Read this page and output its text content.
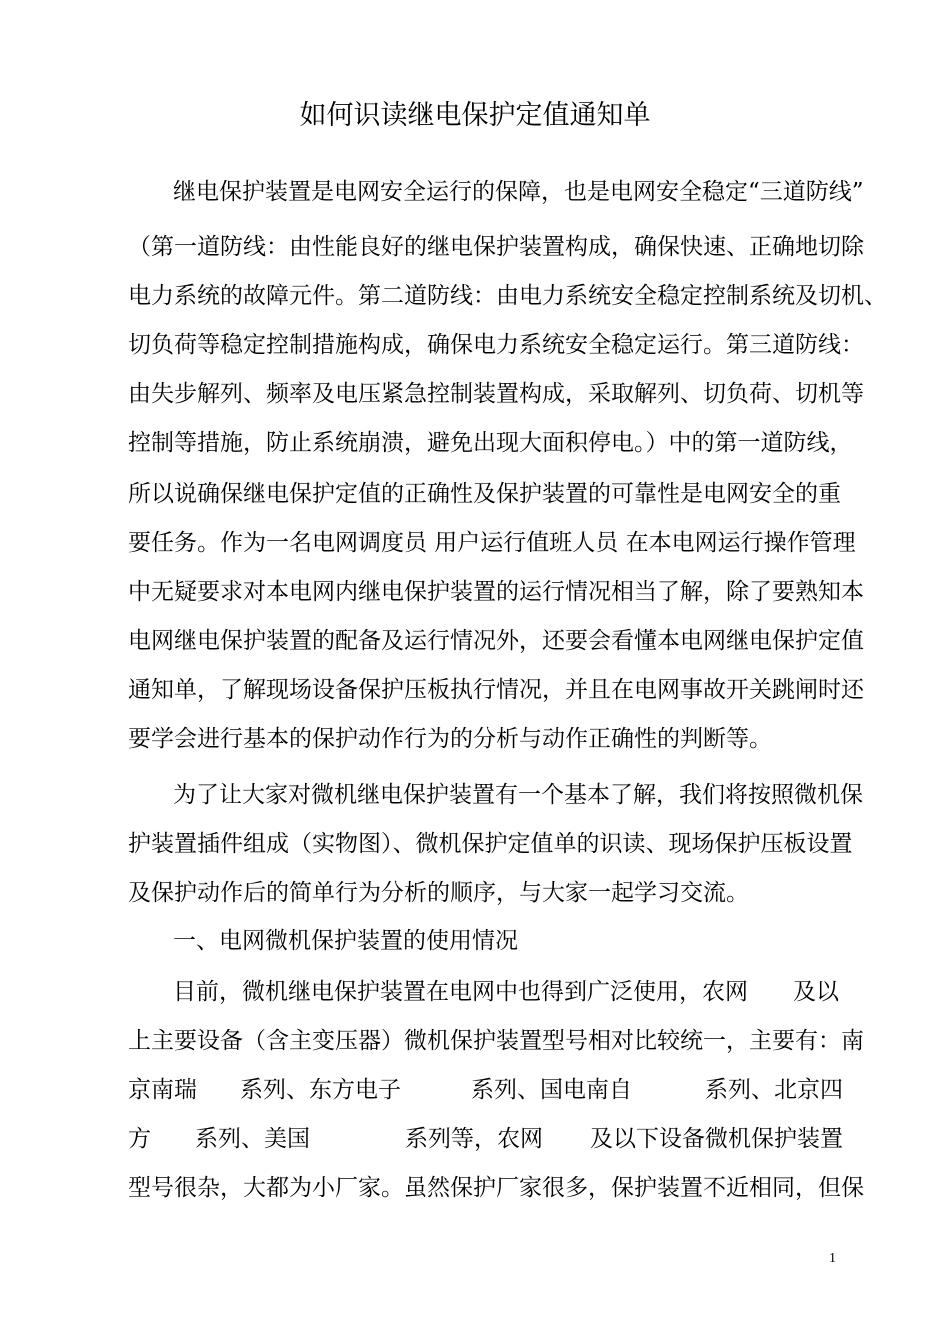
如何识读继电保护定值通知单
继电保护装置是电网安全运行的保障，也是电网安全稳定“三道防线”
（第一道防线：由性能良好的继电保护装置构成，确保快速、正确地切除
电力系统的故障元件。第二道防线：由电力系统安全稳定控制系统及切机、
切负荷等稳定控制措施构成，确保电力系统安全稳定运行。第三道防线：
由失步解列、频率及电压紧急控制装置构成，采取解列、切负荷、切机等
控制等措施，防止系统崩溃，避免出现大面积停电。）中的第一道防线，
所以说确保继电保护定值的正确性及保护装置的可靠性是电网安全的重
要任务。作为一名电网调度员 用户运行值班人员 在本电网运行操作管理
中无疑要求对本电网内继电保护装置的运行情况相当了解，除了要熟知本
电网继电保护装置的配备及运行情况外，还要会看懂本电网继电保护定值
通知单，了解现场设备保护压板执行情况，并且在电网事故开关跳闸时还
要学会进行基本的保护动作行为的分析与动作正确性的判断等。
为了让大家对微机继电保护装置有一个基本了解，我们将按照微机保
护装置插件组成（实物图）、微机保护定值单的识读、现场保护压板设置
及保护动作后的简单行为分析的顺序，与大家一起学习交流。
一、电网微机保护装置的使用情况
目前，微机继电保护装置在电网中也得到广泛使用，农网 及以
上主要设备（含主变压器）微机保护装置型号相对比较统一，主要有：南
京南瑞 系列、东方电子	系列、国电南自	系列、北京四
方 系列、美国	系列等，农网 及以下设备微机保护装置
型号很杂，大都为小厂家。虽然保护厂家很多，保护装置不近相同，但保
1
